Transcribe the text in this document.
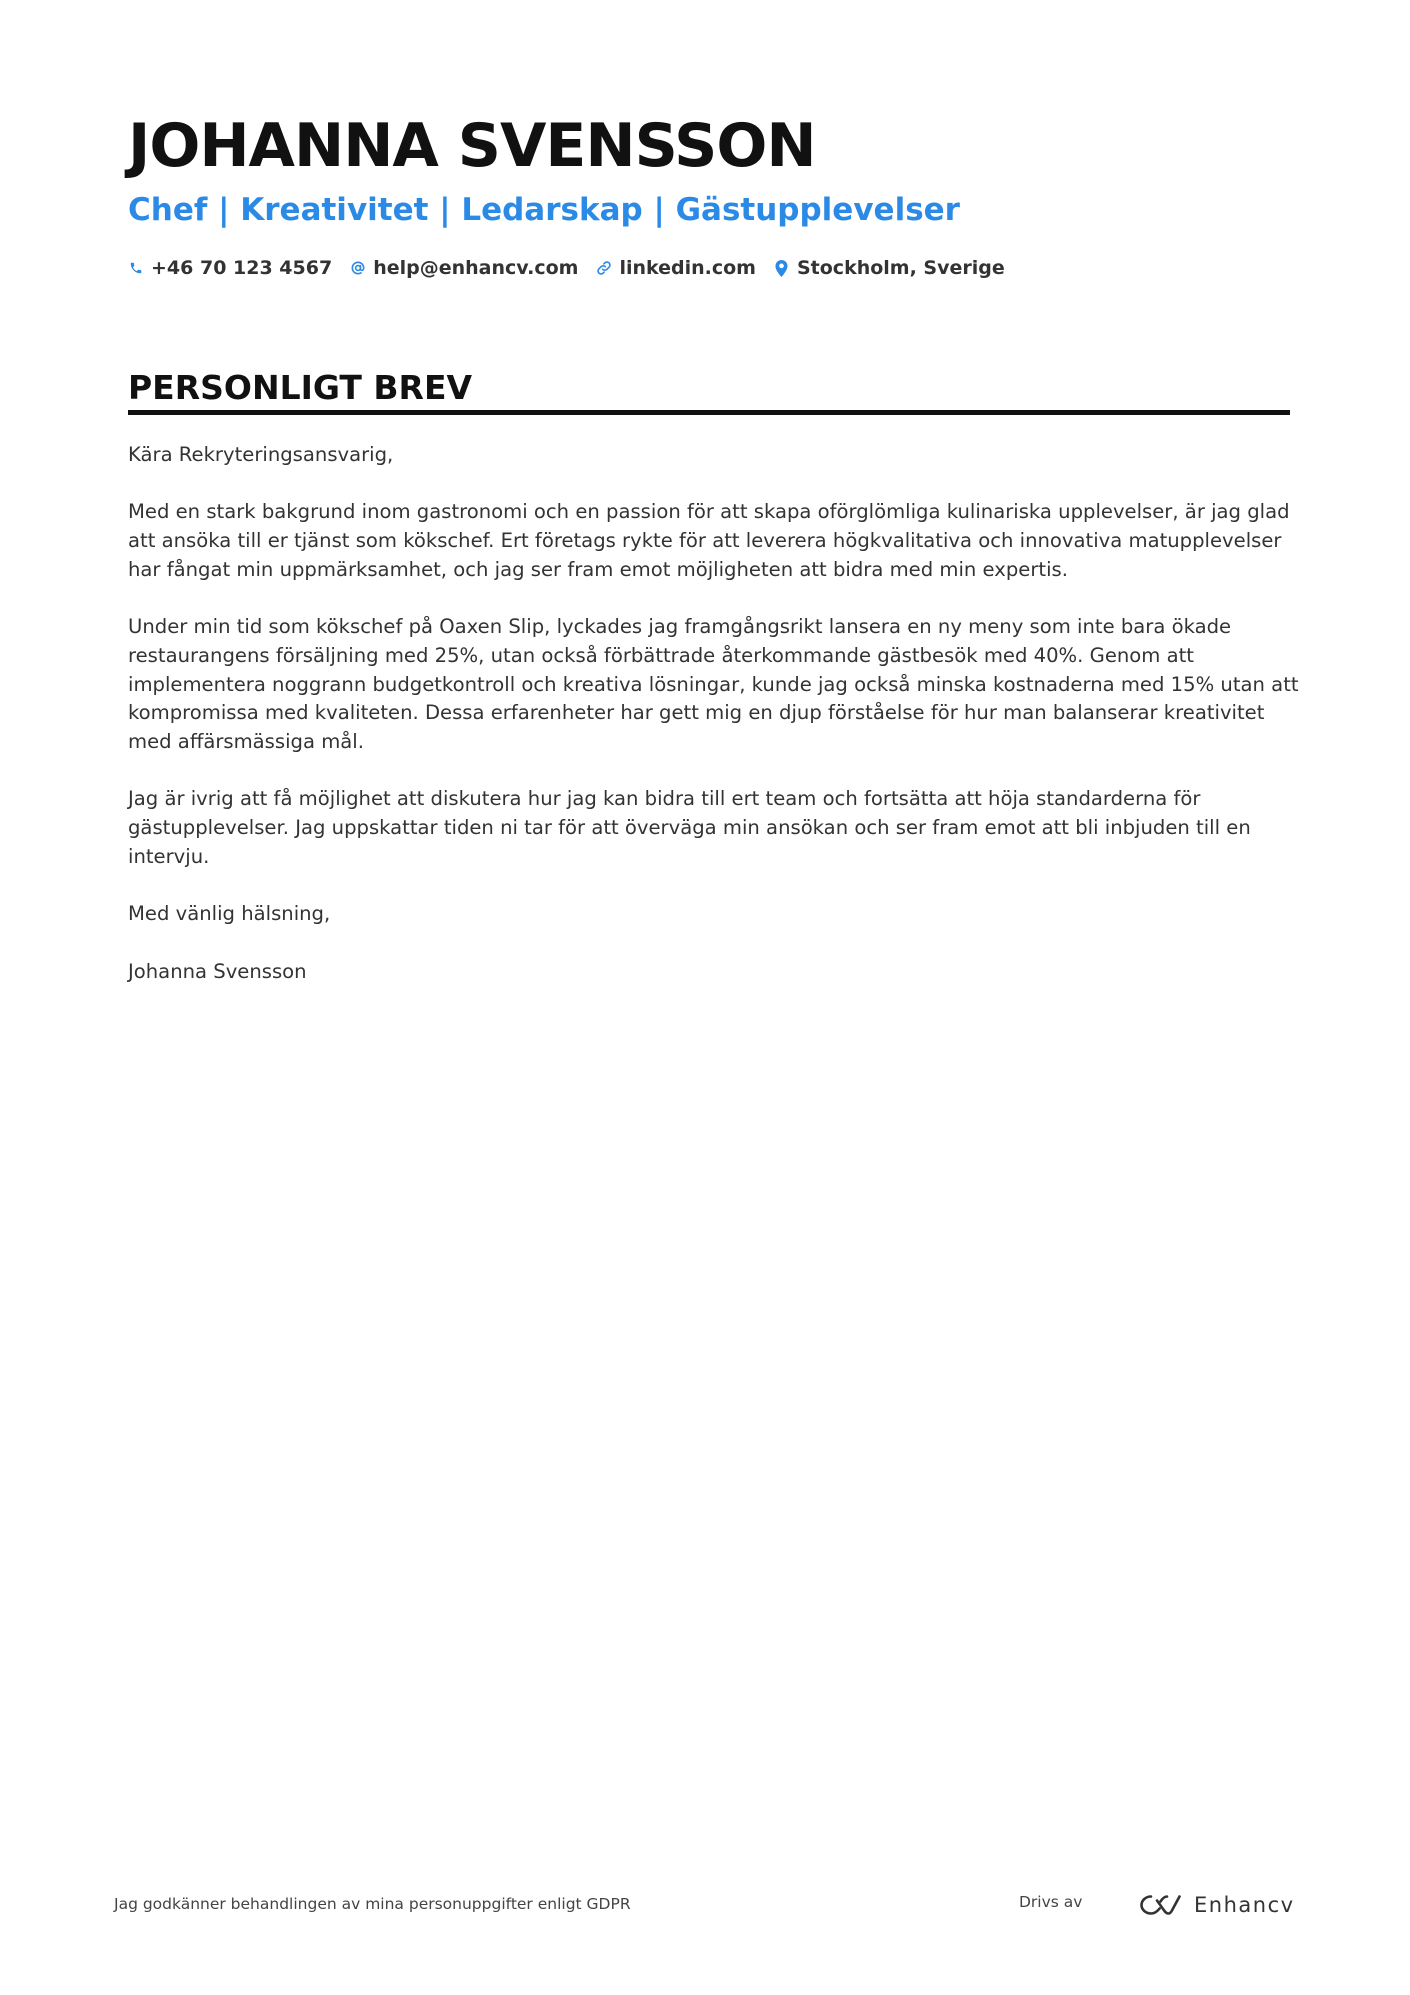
JOHANNA SVENSSON
Chef | Kreativitet | Ledarskap | Gästupplevelser
+46 70 123 4567 help@enhancv.com linkedin.com Stockholm, Sverige
PERSONLIGT BREV

Kära Rekryteringsansvarig,

Med en stark bakgrund inom gastronomi och en passion för att skapa oförglömliga kulinariska upplevelser, är jag glad att ansöka till er tjänst som kökschef. Ert företags rykte för att leverera högkvalitativa och innovativa matupplevelser har fångat min uppmärksamhet, och jag ser fram emot möjligheten att bidra med min expertis.

Under min tid som kökschef på Oaxen Slip, lyckades jag framgångsrikt lansera en ny meny som inte bara ökade restaurangens försäljning med 25%, utan också förbättrade återkommande gästbesök med 40%. Genom att implementera noggrann budgetkontroll och kreativa lösningar, kunde jag också minska kostnaderna med 15% utan att kompromissa med kvaliteten. Dessa erfarenheter har gett mig en djup förståelse för hur man balanserar kreativitet med affärsmässiga mål.

Jag är ivrig att få möjlighet att diskutera hur jag kan bidra till ert team och fortsätta att höja standarderna för gästupplevelser. Jag uppskattar tiden ni tar för att överväga min ansökan och ser fram emot att bli inbjuden till en intervju.

Med vänlig hälsning,

Johanna Svensson

Jag godkänner behandlingen av mina personuppgifter enligt GDPR	Drivs av	Enhancv
